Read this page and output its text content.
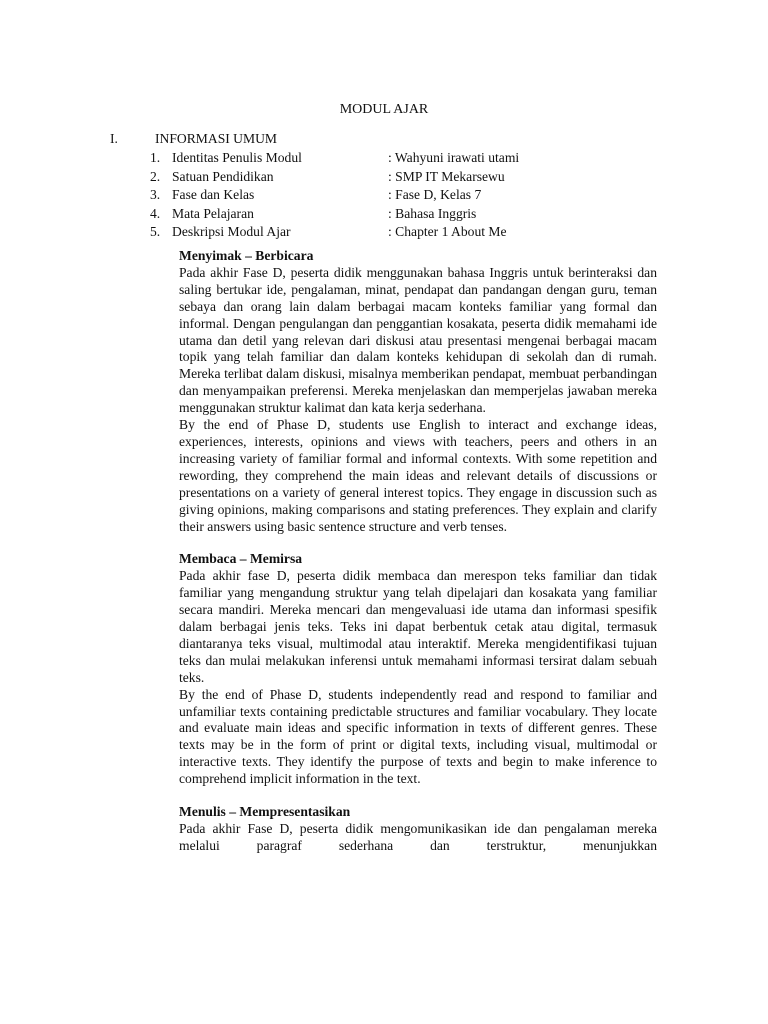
MODUL AJAR
I.	INFORMASI UMUM
1. Identitas Penulis Modul	: Wahyuni irawati utami
2. Satuan Pendidikan	: SMP IT Mekarsewu
3. Fase dan Kelas	: Fase D, Kelas 7
4. Mata Pelajaran	: Bahasa Inggris
5. Deskripsi Modul Ajar	: Chapter 1 About Me

Menyimak – Berbicara

Pada akhir Fase D, peserta didik menggunakan bahasa Inggris untuk berinteraksi dan saling bertukar ide, pengalaman, minat, pendapat dan pandangan dengan guru, teman sebaya dan orang lain dalam berbagai macam konteks familiar yang formal dan informal. Dengan pengulangan dan penggantian kosakata, peserta didik memahami ide utama dan detil yang relevan dari diskusi atau presentasi mengenai berbagai macam topik yang telah familiar dan dalam konteks kehidupan di sekolah dan di rumah. Mereka terlibat dalam diskusi, misalnya memberikan pendapat, membuat perbandingan dan menyampaikan preferensi. Mereka menjelaskan dan memperjelas jawaban mereka menggunakan struktur kalimat dan kata kerja sederhana.

By the end of Phase D, students use English to interact and exchange ideas, experiences, interests, opinions and views with teachers, peers and others in an increasing variety of familiar formal and informal contexts. With some repetition and rewording, they comprehend the main ideas and relevant details of discussions or presentations on a variety of general interest topics. They engage in discussion such as giving opinions, making comparisons and stating preferences. They explain and clarify their answers using basic sentence structure and verb tenses.

Membaca – Memirsa

Pada akhir fase D, peserta didik membaca dan merespon teks familiar dan tidak familiar yang mengandung struktur yang telah dipelajari dan kosakata yang familiar secara mandiri. Mereka mencari dan mengevaluasi ide utama dan informasi spesifik dalam berbagai jenis teks. Teks ini dapat berbentuk cetak atau digital, termasuk diantaranya teks visual, multimodal atau interaktif. Mereka mengidentifikasi tujuan teks dan mulai melakukan inferensi untuk memahami informasi tersirat dalam sebuah teks.

By the end of Phase D, students independently read and respond to familiar and unfamiliar texts containing predictable structures and familiar vocabulary. They locate and evaluate main ideas and specific information in texts of different genres. These texts may be in the form of print or digital texts, including visual, multimodal or interactive texts. They identify the purpose of texts and begin to make inference to comprehend implicit information in the text.

Menulis – Mempresentasikan

Pada akhir Fase D, peserta didik mengomunikasikan ide dan pengalaman mereka melalui paragraf sederhana dan terstruktur, menunjukkan
